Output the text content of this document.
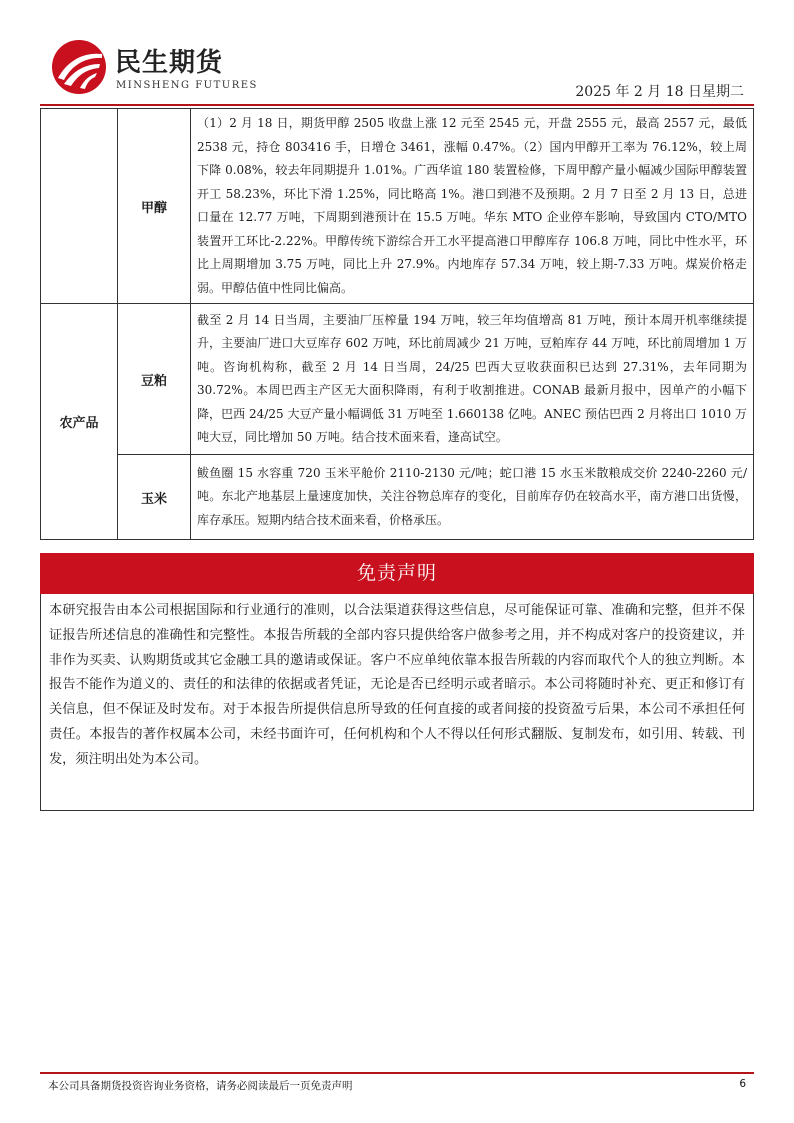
民生期货
MINSHENG FUTURES	2025 年 2 月 18 日星期二
	甲醇	（1）2 月 18 日，期货甲醇 2505 收盘上涨 12 元至 2545 元，开盘 2555 元，最高 2557 元，最低 2538 元，持仓 803416 手，日增仓 3461，涨幅 0.47%。（2）国内甲醇开工率为 76.12%，较上周下降 0.08%，较去年同期提升 1.01%。广西华谊 180 装置检修，下周甲醇产量小幅减少国际甲醇装置开工 58.23%，环比下滑 1.25%，同比略高 1%。港口到港不及预期。2 月 7 日至 2 月 13 日，总进口量在 12.77 万吨，下周期到港预计在 15.5 万吨。华东 MTO 企业停车影响，导致国内 CTO/MTO 装置开工环比-2.22%。甲醇传统下游综合开工水平提高港口甲醇库存 106.8 万吨，同比中性水平，环比上周期增加 3.75 万吨，同比上升 27.9%。内地库存 57.34 万吨，较上期-7.33 万吨。煤炭价格走弱。甲醇估值中性同比偏高。
农产品	豆粕	截至 2 月 14 日当周，主要油厂压榨量 194 万吨，较三年均值增高 81 万吨，预计本周开机率继续提升，主要油厂进口大豆库存 602 万吨，环比前周减少 21 万吨，豆粕库存 44 万吨，环比前周增加 1 万吨。咨询机构称，截至 2 月 14 日当周，24/25 巴西大豆收获面积已达到 27.31%，去年同期为 30.72%。本周巴西主产区无大面积降雨，有利于收割推进。CONAB 最新月报中，因单产的小幅下降，巴西 24/25 大豆产量小幅调低 31 万吨至 1.660138 亿吨。ANEC 预估巴西 2 月将出口 1010 万吨大豆，同比增加 50 万吨。结合技术面来看，逢高试空。
	玉米	鲅鱼圈 15 水容重 720 玉米平舱价 2110-2130 元/吨；蛇口港 15 水玉米散粮成交价 2240-2260 元/吨。东北产地基层上量速度加快，关注谷物总库存的变化，目前库存仍在较高水平，南方港口出货慢，库存承压。短期内结合技术面来看，价格承压。
免责声明
本研究报告由本公司根据国际和行业通行的准则，以合法渠道获得这些信息，尽可能保证可靠、准确和完整，但并不保证报告所述信息的准确性和完整性。本报告所载的全部内容只提供给客户做参考之用，并不构成对客户的投资建议，并非作为买卖、认购期货或其它金融工具的邀请或保证。客户不应单纯依靠本报告所载的内容而取代个人的独立判断。本报告不能作为道义的、责任的和法律的依据或者凭证，无论是否已经明示或者暗示。本公司将随时补充、更正和修订有关信息，但不保证及时发布。对于本报告所提供信息所导致的任何直接的或者间接的投资盈亏后果，本公司不承担任何责任。本报告的著作权属本公司，未经书面许可，任何机构和个人不得以任何形式翻版、复制发布，如引用、转载、刊发，须注明出处为本公司。
本公司具备期货投资咨询业务资格，请务必阅读最后一页免责声明	6
